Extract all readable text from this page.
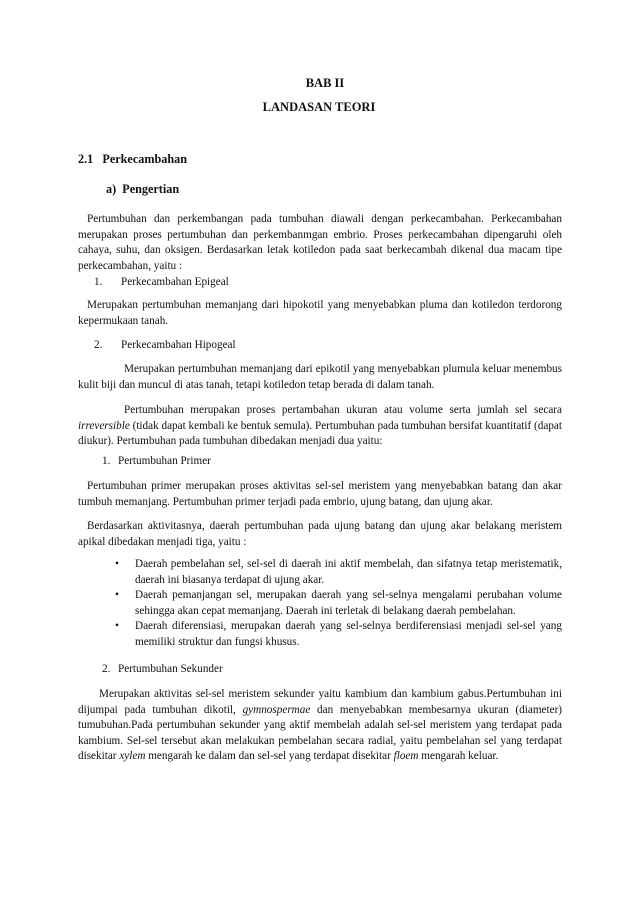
BAB II
LANDASAN TEORI
2.1 Perkecambahan
a) Pengertian
Pertumbuhan dan perkembangan pada tumbuhan diawali dengan perkecambahan. Perkecambahan merupakan proses pertumbuhan dan perkembanmgan embrio. Proses perkecambahan dipengaruhi oleh cahaya, suhu, dan oksigen. Berdasarkan letak kotiledon pada saat berkecambah dikenal dua macam tipe perkecambahan, yaitu :
1. Perkecambahan Epigeal
Merupakan pertumbuhan memanjang dari hipokotil yang menyebabkan pluma dan kotiledon terdorong kepermukaan tanah.
2. Perkecambahan Hipogeal
Merupakan pertumbuhan memanjang dari epikotil yang menyebabkan plumula keluar menembus kulit biji dan muncul di atas tanah, tetapi kotiledon tetap berada di dalam tanah.
Pertumbuhan merupakan proses pertambahan ukuran atau volume serta jumlah sel secara irreversible (tidak dapat kembali ke bentuk semula). Pertumbuhan pada tumbuhan bersifat kuantitatif (dapat diukur). Pertumbuhan pada tumbuhan dibedakan menjadi dua yaitu:
1. Pertumbuhan Primer
Pertumbuhan primer merupakan proses aktivitas sel-sel meristem yang menyebabkan batang dan akar tumbuh memanjang. Pertumbuhan primer terjadi pada embrio, ujung batang, dan ujung akar.
Berdasarkan aktivitasnya, daerah pertumbuhan pada ujung batang dan ujung akar belakang meristem apikal dibedakan menjadi tiga, yaitu :
• Daerah pembelahan sel, sel-sel di daerah ini aktif membelah, dan sifatnya tetap meristematik, daerah ini biasanya terdapat di ujung akar.
• Daerah pemanjangan sel, merupakan daerah yang sel-selnya mengalami perubahan volume sehingga akan cepat memanjang. Daerah ini terletak di belakang daerah pembelahan.
• Daerah diferensiasi, merupakan daerah yang sel-selnya berdiferensiasi menjadi sel-sel yang memiliki struktur dan fungsi khusus.
2. Pertumbuhan Sekunder
Merupakan aktivitas sel-sel meristem sekunder yaitu kambium dan kambium gabus.Pertumbuhan ini dijumpai pada tumbuhan dikotil, gymnospermae dan menyebabkan membesarnya ukuran (diameter) tumubuhan.Pada pertumbuhan sekunder yang aktif membelah adalah sel-sel meristem yang terdapat pada kambium. Sel-sel tersebut akan melakukan pembelahan secara radial, yaitu pembelahan sel yang terdapat disekitar xylem mengarah ke dalam dan sel-sel yang terdapat disekitar floem mengarah keluar.
